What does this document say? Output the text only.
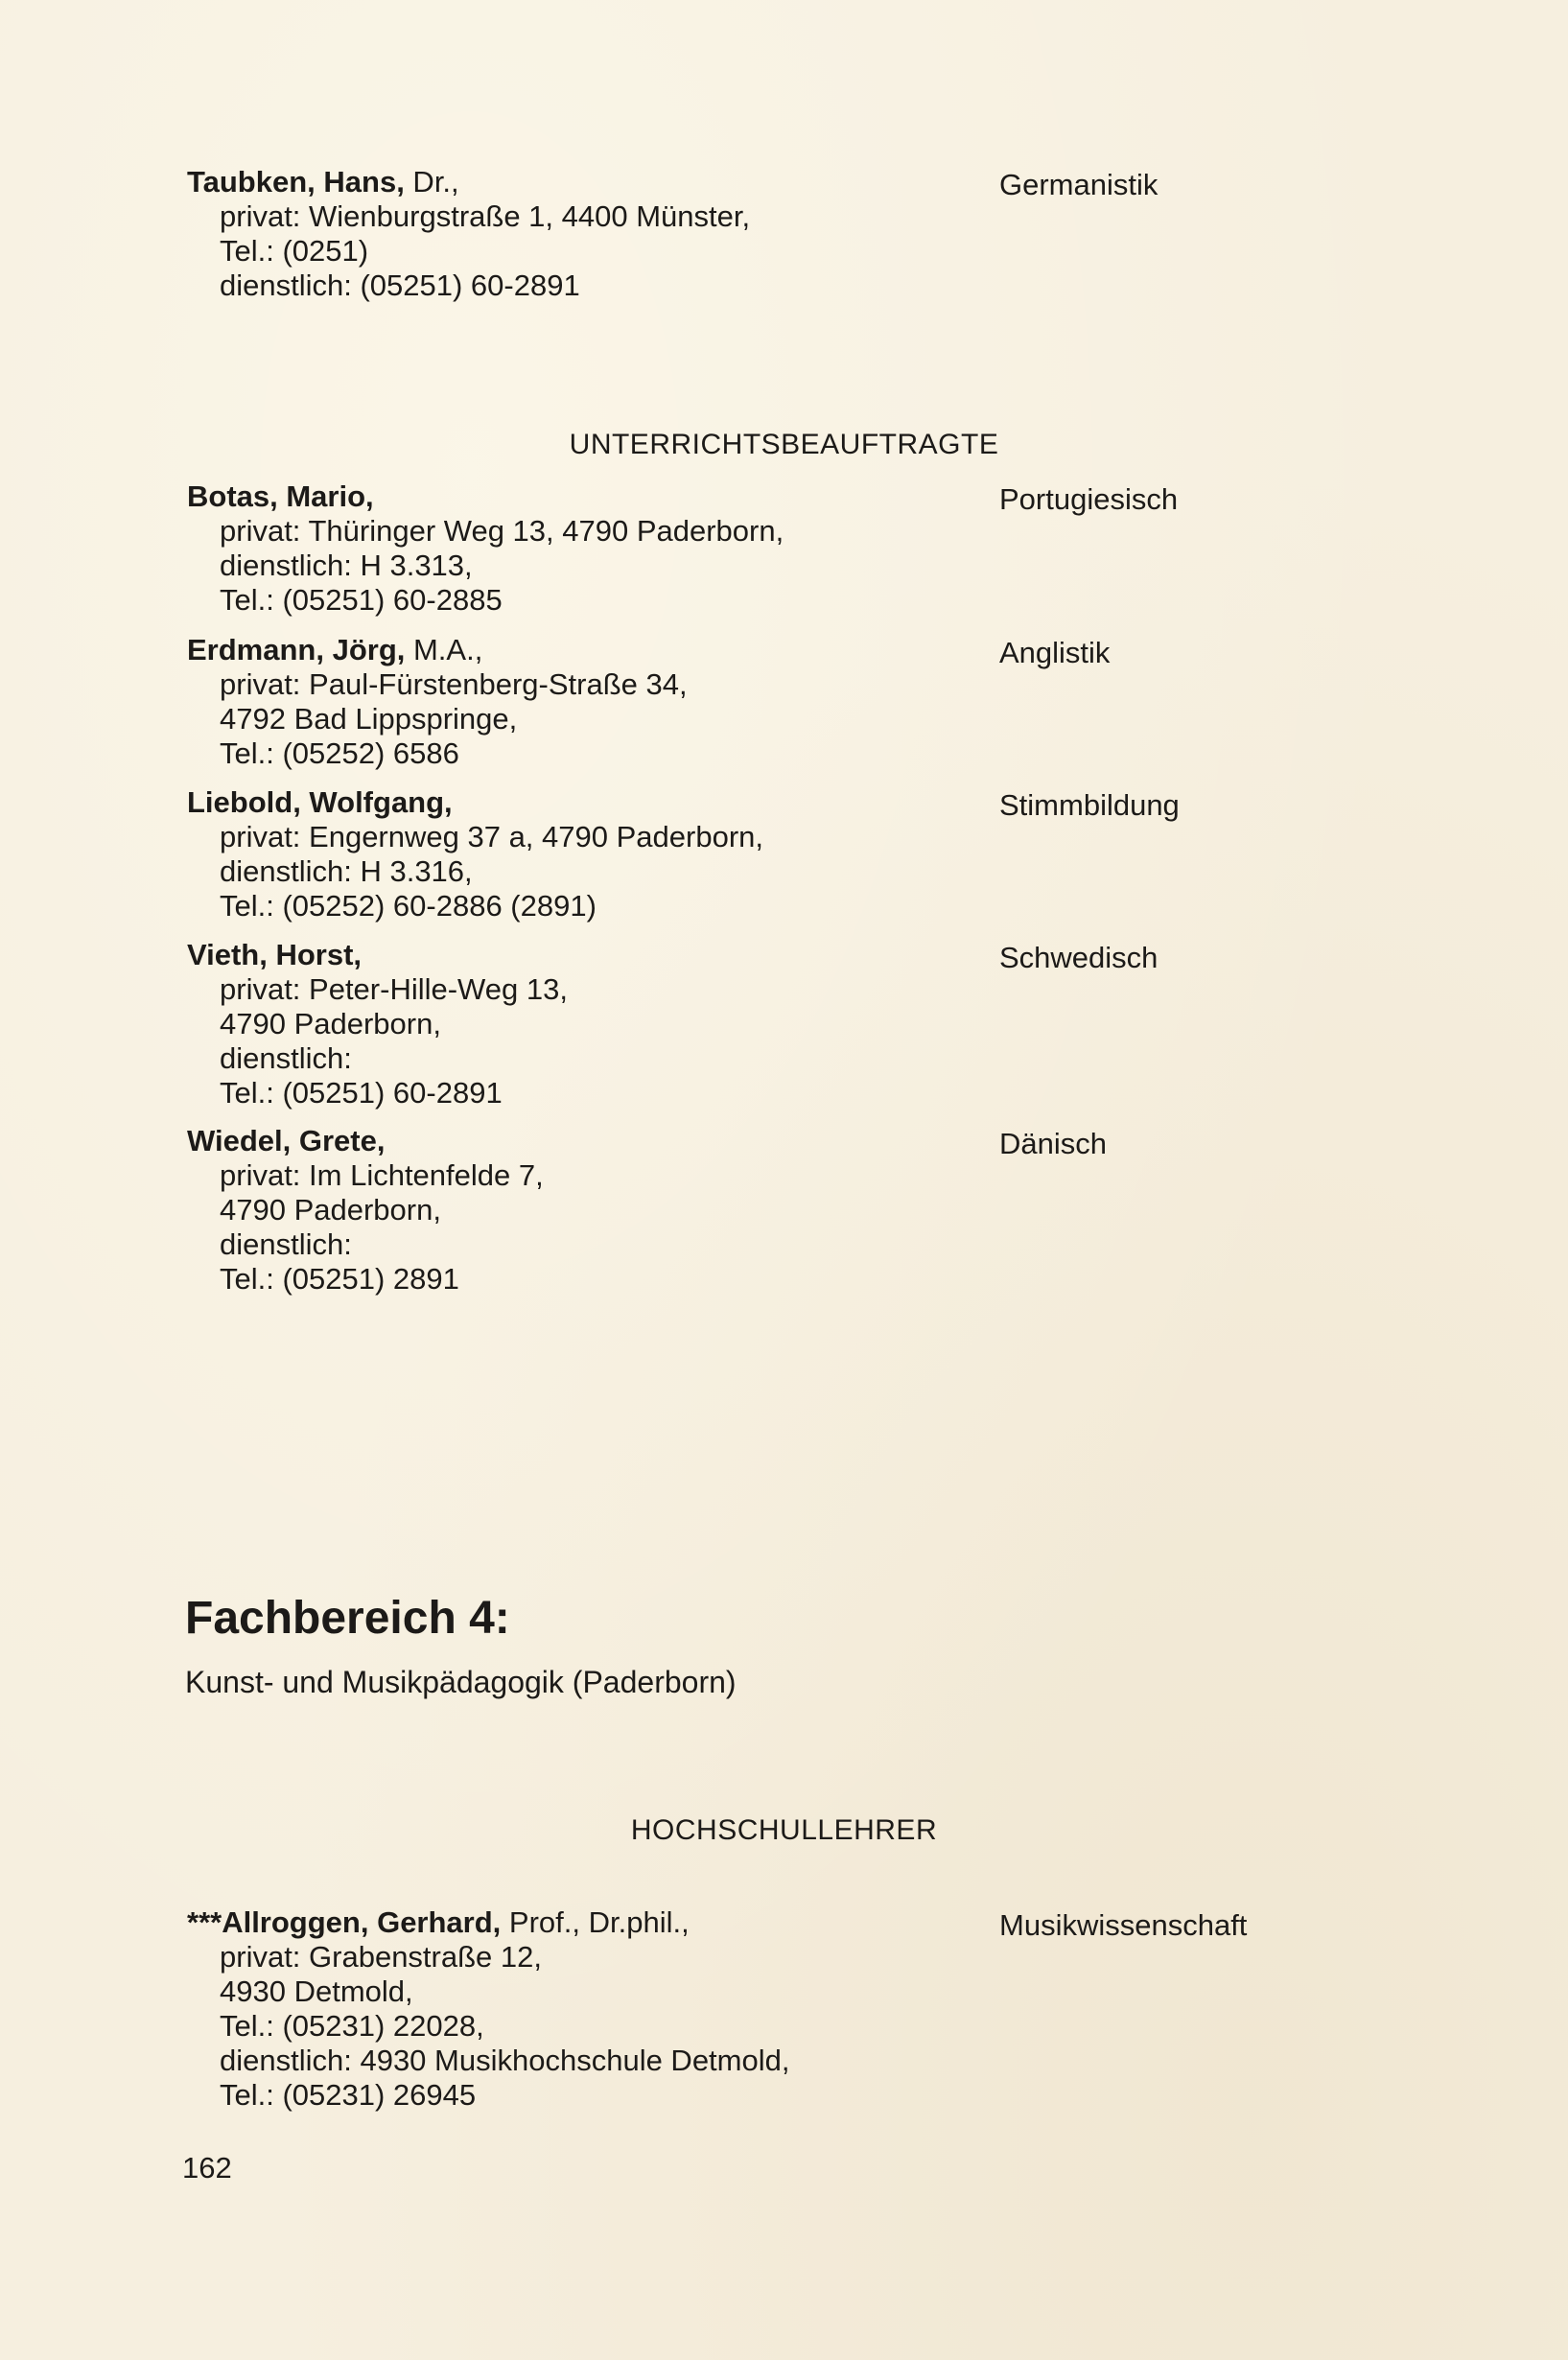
Taubken, Hans, Dr.,

privat: Wienburgstraße 1, 4400 Münster,

Tel.: (0251)

dienstlich: (05251) 60-2891

Germanistik
UNTERRICHTSBEAUFTRAGTE

Botas, Mario,

privat: Thüringer Weg 13, 4790 Paderborn,

dienstlich: H 3.313,

Tel.: (05251) 60-2885

Portugiesisch

Erdmann, Jörg, M.A.,

privat: Paul-Fürstenberg-Straße 34,

4792 Bad Lippspringe,

Tel.: (05252) 6586

Anglistik

Liebold, Wolfgang,

privat: Engernweg 37 a, 4790 Paderborn,

dienstlich: H 3.316,

Tel.: (05252) 60-2886 (2891)

Stimmbildung

Vieth, Horst,

privat: Peter-Hille-Weg 13,

4790 Paderborn,

dienstlich:

Tel.: (05251) 60-2891

Schwedisch

Wiedel, Grete,

privat: Im Lichtenfelde 7,

4790 Paderborn,

dienstlich:

Tel.: (05251) 2891

Dänisch
Fachbereich 4:
Kunst- und Musikpädagogik (Paderborn)
HOCHSCHULLEHRER

***Allroggen, Gerhard, Prof., Dr.phil.,

privat: Grabenstraße 12,

4930 Detmold,

Tel.: (05231) 22028,

dienstlich: 4930 Musikhochschule Detmold,

Tel.: (05231) 26945

Musikwissenschaft
162
